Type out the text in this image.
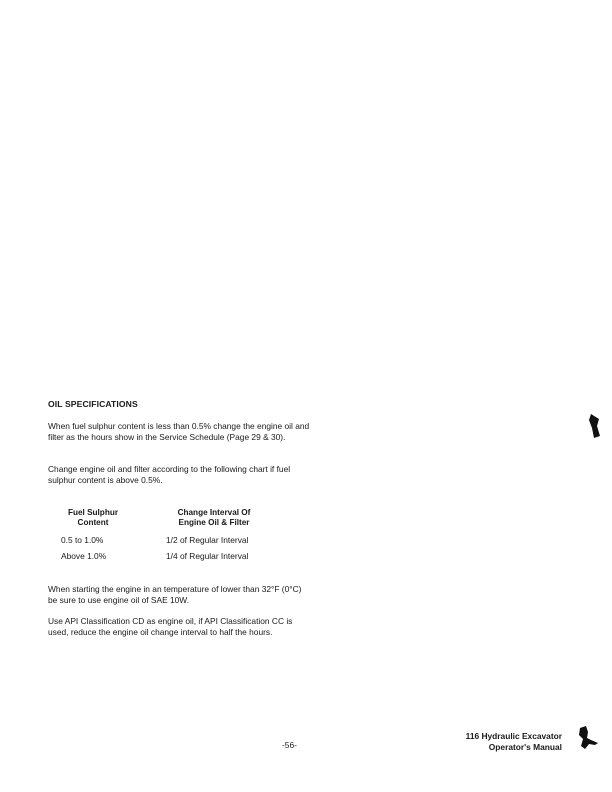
OIL SPECIFICATIONS
When fuel sulphur content is less than 0.5% change the engine oil and filter as the hours show in the Service Schedule (Page 29 & 30).
Change engine oil and filter according to the following chart if fuel sulphur content is above 0.5%.
Fuel Sulphur
Content
Change Interval Of
Engine Oil & Filter
0.5 to 1.0%	1/2 of Regular Interval
Above 1.0%	1/4 of Regular Interval
When starting the engine in an temperature of lower than 32°F (0°C) be sure to use engine oil of SAE 10W.
Use API Classification CD as engine oil, if API Classification CC is used, reduce the engine oil change interval to half the hours.
-56-
116 Hydraulic Excavator
Operator's Manual
